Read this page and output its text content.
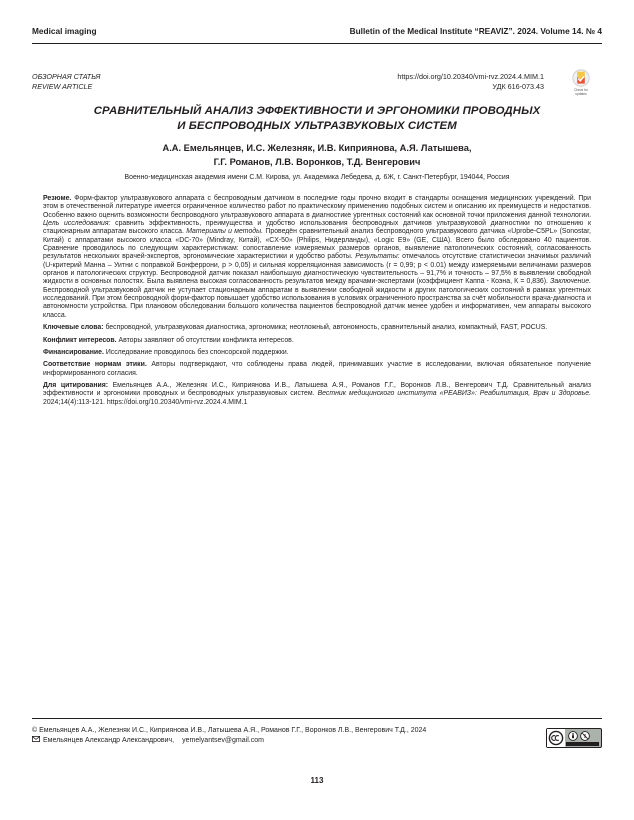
Medical imaging	Bulletin of the Medical Institute “REAVIZ”. 2024. Volume 14. № 4
ОБЗОРНАЯ СТАТЬЯ
REVIEW ARTICLE
https://doi.org/10.20340/vmi-rvz.2024.4.MIM.1
УДК 616-073.43	Check for
updates
СРАВНИТЕЛЬНЫЙ АНАЛИЗ ЭФФЕКТИВНОСТИ И ЭРГОНОМИКИ ПРОВОДНЫХ
И БЕСПРОВОДНЫХ УЛЬТРАЗВУКОВЫХ СИСТЕМ
А.А. Емельянцев, И.С. Железняк, И.В. Киприянова, А.Я. Латышева,
Г.Г. Романов, Л.В. Воронков, Т.Д. Венгерович
Военно-медицинская академия имени С.М. Кирова, ул. Академика Лебедева, д. 6Ж, г. Санкт-Петербург, 194044, Россия

Резюме. Форм-фактор ультразвукового аппарата с беспроводным датчиком в последние годы прочно входит в стандарты оснащения медицинских учреждений. При этом в отечественной литературе имеется ограниченное количество работ по практическому применению подобных систем и описанию их преимуществ и недостатков. Особенно важно оценить возможности беспроводного ультразвукового аппарата в диагностике ургентных состояний как основной точки приложения данной технологии. Цель исследования: сравнить эффективность, преимущества и удобство использования беспроводных датчиков ультразвуковой диагностики по отношению к стационарным аппаратам высокого класса. Материалы и методы. Проведён сравнительный анализ беспроводного ультразвукового датчика «Uprobe-C5PL» (Sonostar, Китай) с аппаратами высокого класса «DC-70» (Mindray, Китай), «CX-50» (Philips, Нидерланды), «Logic E9» (GE, США). Всего было обследовано 40 пациентов. Сравнение проводилось по следующим характеристикам: сопоставление измеряемых размеров органов, выявление патологических состояний, согласованность результатов нескольких врачей-экспертов, эргономические характеристики и удобство работы. Результаты: отмечалось отсутствие статистически значимых различий (U-критерий Манна – Уитни с поправкой Бонферрони, p > 0,05) и сильная корреляционная зависимость (r = 0,99; p < 0.01) между измеряемыми величинами размеров органов и патологических структур. Беспроводной датчик показал наибольшую диагностическую чувствительность – 91,7% и точность – 97,5% в выявлении свободной жидкости в основных полостях. Была выявлена высокая согласованность результатов между врачами-экспертами (коэффициент Каппа - Коэна, К = 0,836). Заключение. Беспроводной ультразвуковой датчик не уступает стационарным аппаратам в выявлении свободной жидкости и других патологических состояний в рамках ургентных исследований. При этом беспроводной форм-фактор повышает удобство использования в условиях ограниченного пространства за счёт мобильности врача-диагноста и автономности устройства. При плановом обследовании большого количества пациентов беспроводной датчик менее удобен и информативен, чем аппараты высокого класса.

Ключевые слова: беспроводной, ультразвуковая диагностика, эргономика; неотложный, автономность, сравнительный анализ, компактный, FAST, POCUS.

Конфликт интересов. Авторы заявляют об отсутствии конфликта интересов.

Финансирование. Исследование проводилось без спонсорской поддержки.

Соответствие нормам этики. Авторы подтверждают, что соблюдены права людей, принимавших участие в исследовании, включая обязательное получение информированного согласия.

Для цитирования: Емельянцев А.А., Железняк И.С., Киприянова И.В., Латышева А.Я., Романов Г.Г., Воронков Л.В., Венгерович Т.Д. Сравнительный анализ эффективности и эргономики проводных и беспроводных ультразвуковых систем. Вестник медицинского института «РЕАВИЗ»: Реабилитация, Врач и Здоровье. 2024;14(4):113-121. https://doi.org/10.20340/vmi-rvz.2024.4.MIM.1

© Емельянцев А.А., Железняк И.С., Киприянова И.В., Латышева А.Я., Романов Г.Г., Воронков Л.В., Венгерович Т.Д., 2024
Емельянцев Александр Александрович, yemelyantsev@gmail.com
$
113
